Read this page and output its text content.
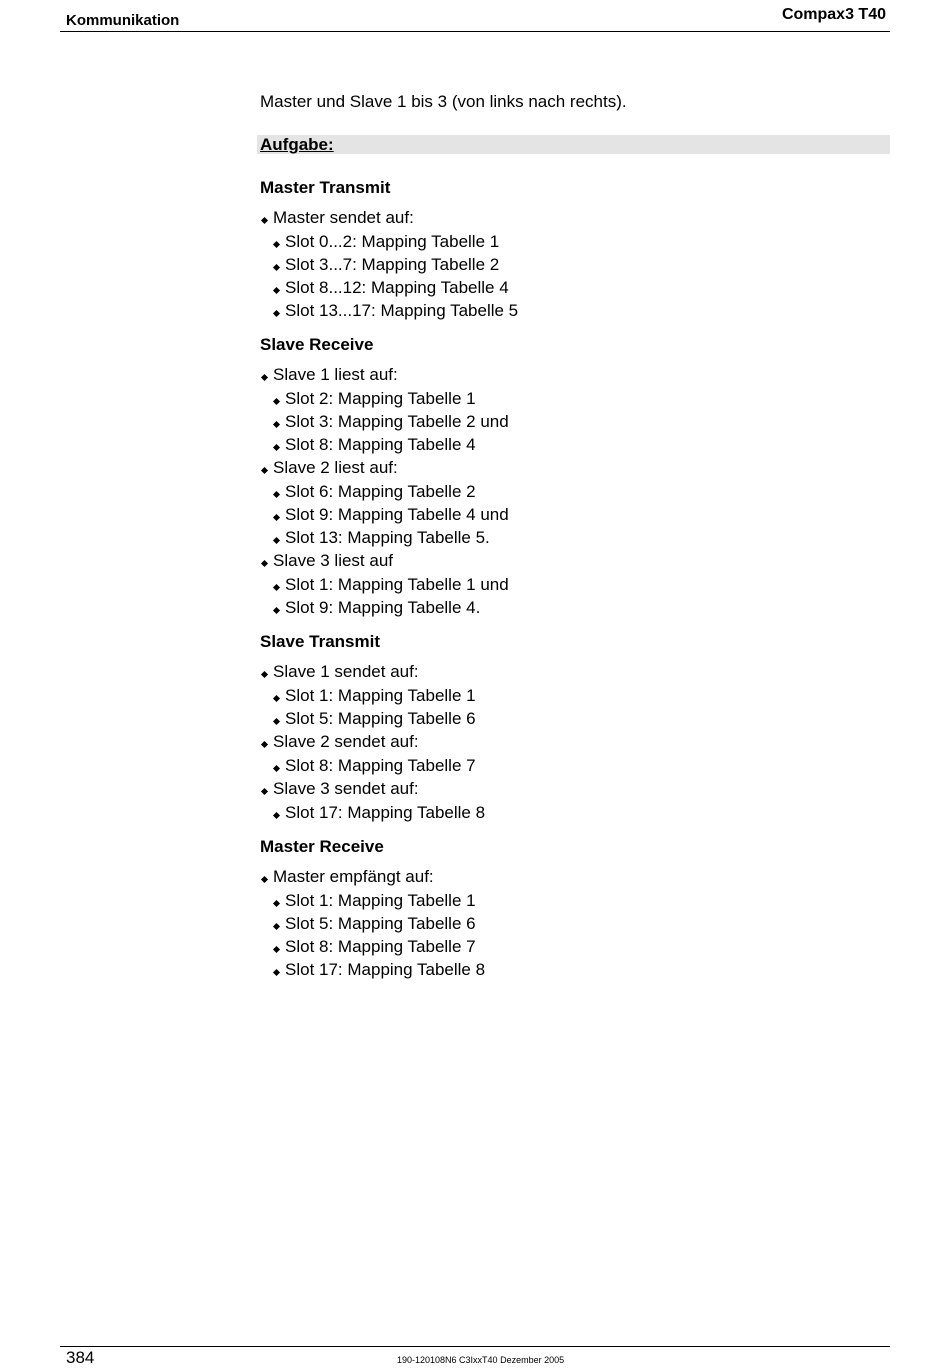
Kommunikation	Compax3 T40

Master und Slave 1 bis 3 (von links nach rechts).

Aufgabe:

Master Transmit

Master sendet auf:
Slot 0...2: Mapping Tabelle 1
Slot 3...7: Mapping Tabelle 2
Slot 8...12: Mapping Tabelle 4
Slot 13...17: Mapping Tabelle 5

Slave Receive

Slave 1 liest auf:
Slot 2: Mapping Tabelle 1
Slot 3: Mapping Tabelle 2 und
Slot 8: Mapping Tabelle 4
Slave 2 liest auf:
Slot 6: Mapping Tabelle 2
Slot 9: Mapping Tabelle 4 und
Slot 13: Mapping Tabelle 5.
Slave 3 liest auf
Slot 1: Mapping Tabelle 1 und
Slot 9: Mapping Tabelle 4.

Slave Transmit

Slave 1 sendet auf:
Slot 1: Mapping Tabelle 1
Slot 5: Mapping Tabelle 6
Slave 2 sendet auf:
Slot 8: Mapping Tabelle 7
Slave 3 sendet auf:
Slot 17: Mapping Tabelle 8

Master Receive

Master empfängt auf:
Slot 1: Mapping Tabelle 1
Slot 5: Mapping Tabelle 6
Slot 8: Mapping Tabelle 7
Slot 17: Mapping Tabelle 8
384	190-120108N6 C3IxxT40 Dezember 2005
